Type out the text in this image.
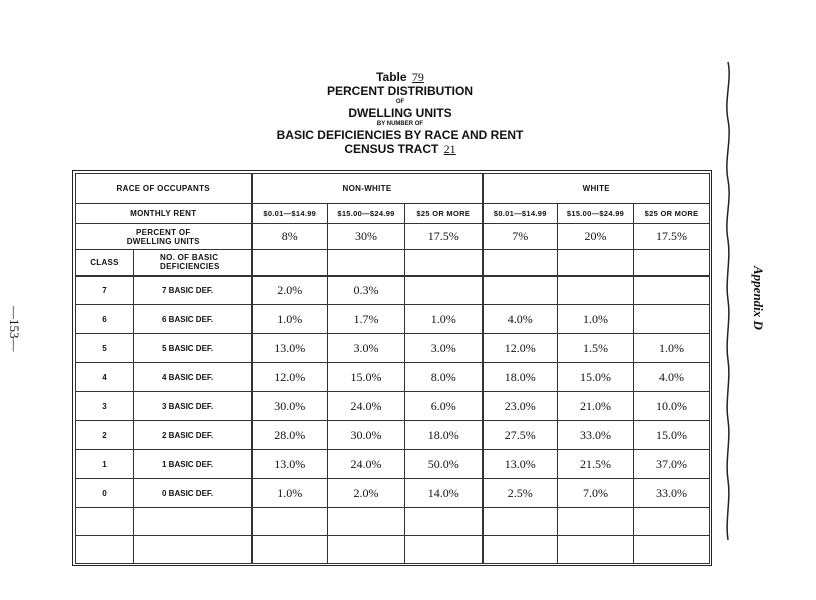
Table 79
PERCENT DISTRIBUTION
OF
DWELLING UNITS
BY NUMBER OF
BASIC DEFICIENCIES BY RACE AND RENT
CENSUS TRACT 21
—153—	Appendix D
RACE OF OCCUPANTS		NON-WHITE			WHITE		
MONTHLY RENT		$0.01—$14.99	$15.00—$24.99	$25 OR MORE	$0.01—$14.99	$15.00—$24.99	$25 OR MORE

PERCENT OF
DWELLING UNITS		8%	30%	17.5%	7%	20%	17.5%
CLASS	NO. OF BASIC
DEFICIENCIES						

7	7 BASIC DEF.	2.0%	0.3%				
6	6 BASIC DEF.	1.0%	1.7%	1.0%	4.0%	1.0%	
5	5 BASIC DEF.	13.0%	3.0%	3.0%	12.0%	1.5%	1.0%
4	4 BASIC DEF.	12.0%	15.0%	8.0%	18.0%	15.0%	4.0%
3	3 BASIC DEF.	30.0%	24.0%	6.0%	23.0%	21.0%	10.0%
2	2 BASIC DEF.	28.0%	30.0%	18.0%	27.5%	33.0%	15.0%
1	1 BASIC DEF.	13.0%	24.0%	50.0%	13.0%	21.5%	37.0%
0	0 BASIC DEF.	1.0%	2.0%	14.0%	2.5%	7.0%	33.0%
